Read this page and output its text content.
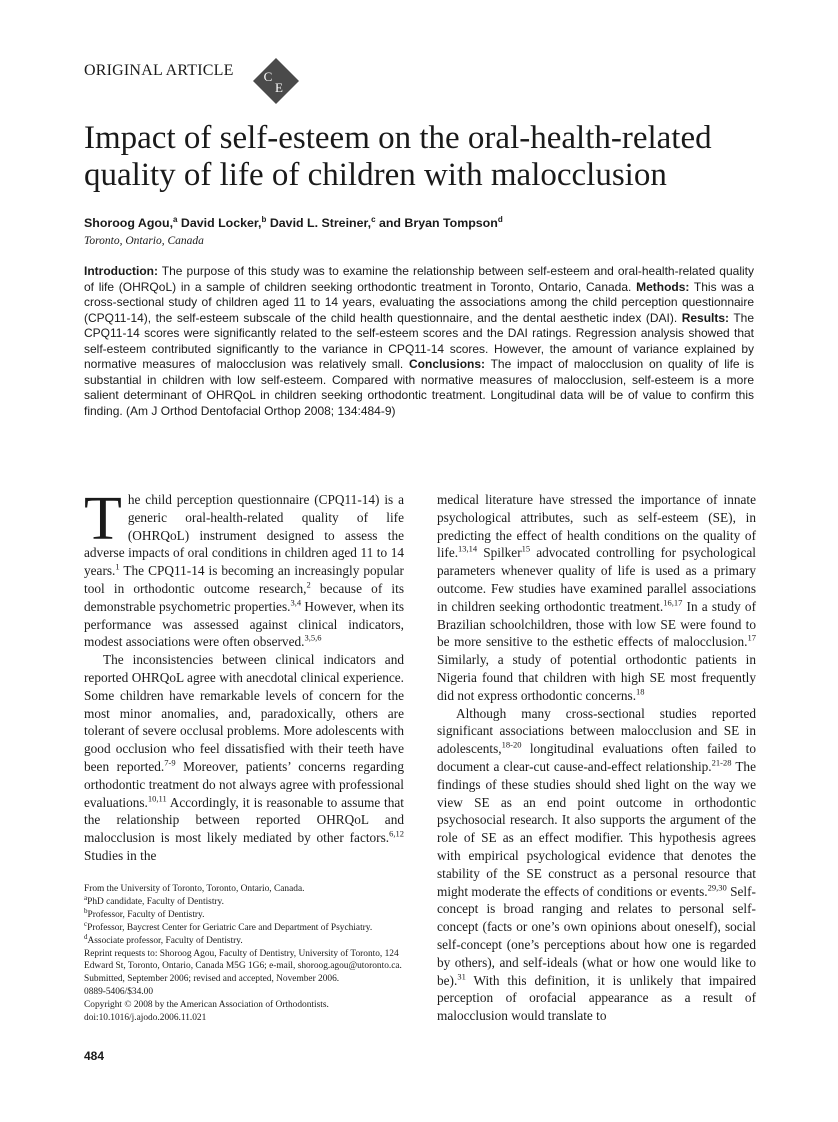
ORIGINAL ARTICLE C
E
Impact of self-esteem on the oral-health-related quality of life of children with malocclusion
Shoroog Agou,$^a$ David Locker,$^b$ David L. Streiner,$^c$ and Bryan Tompson$^d$
Toronto, Ontario, Canada

Introduction: The purpose of this study was to examine the relationship between self-esteem and oral-health-related quality of life (OHRQoL) in a sample of children seeking orthodontic treatment in Toronto, Ontario, Canada. Methods: This was a cross-sectional study of children aged 11 to 14 years, evaluating the associations among the child perception questionnaire (CPQ11-14), the self-esteem subscale of the child health questionnaire, and the dental aesthetic index (DAI). Results: The CPQ11-14 scores were significantly related to the self-esteem scores and the DAI ratings. Regression analysis showed that self-esteem contributed significantly to the variance in CPQ11-14 scores. However, the amount of variance explained by normative measures of malocclusion was relatively small. Conclusions: The impact of malocclusion on quality of life is substantial in children with low self-esteem. Compared with normative measures of malocclusion, self-esteem is a more salient determinant of OHRQoL in children seeking orthodontic treatment. Longitudinal data will be of value to confirm this finding. (Am J Orthod Dentofacial Orthop 2008; 134:484-9)

The child perception questionnaire (CPQ11-14) is a generic oral-health-related quality of life (OHRQoL) instrument designed to assess the adverse impacts of oral conditions in children aged 11 to 14 years.$^1$ The CPQ11-14 is becoming an increasingly popular tool in orthodontic outcome research,$^2$ because of its demonstrable psychometric properties.$^{3,4}$ However, when its performance was assessed against clinical indicators, modest associations were often observed.$^{3,5,6}$

The inconsistencies between clinical indicators and reported OHRQoL agree with anecdotal clinical experience. Some children have remarkable levels of concern for the most minor anomalies, and, paradoxically, others are tolerant of severe occlusal problems. More adolescents with good occlusion who feel dissatisfied with their teeth have been reported.$^{7-9}$ Moreover, patients’ concerns regarding orthodontic treatment do not always agree with professional evaluations.$^{10,11}$ Accordingly, it is reasonable to assume that the relationship between reported OHRQoL and malocclusion is most likely mediated by other factors.$^{6,12}$ Studies in the

medical literature have stressed the importance of innate psychological attributes, such as self-esteem (SE), in predicting the effect of health conditions on the quality of life.$^{13,14}$ Spilker$^{15}$ advocated controlling for psychological parameters whenever quality of life is used as a primary outcome. Few studies have examined parallel associations in children seeking orthodontic treatment.$^{16,17}$ In a study of Brazilian schoolchildren, those with low SE were found to be more sensitive to the esthetic effects of malocclusion.$^{17}$ Similarly, a study of potential orthodontic patients in Nigeria found that children with high SE most frequently did not express orthodontic concerns.$^{18}$

Although many cross-sectional studies reported significant associations between malocclusion and SE in adolescents,$^{18-20}$ longitudinal evaluations often failed to document a clear-cut cause-and-effect relationship.$^{21-28}$ The findings of these studies should shed light on the way we view SE as an end point outcome in orthodontic psychosocial research. It also supports the argument of the role of SE as an effect modifier. This hypothesis agrees with empirical psychological evidence that denotes the stability of the SE construct as a personal resource that might moderate the effects of conditions or events.$^{29,30}$ Self-concept is broad ranging and relates to personal self-concept (facts or one’s own opinions about oneself), social self-concept (one’s perceptions about how one is regarded by others), and self-ideals (what or how one would like to be).$^{31}$ With this definition, it is unlikely that impaired perception of orofacial appearance as a result of malocclusion would translate to

From the University of Toronto, Toronto, Ontario, Canada.
$^a$PhD candidate, Faculty of Dentistry.
$^b$Professor, Faculty of Dentistry.
$^c$Professor, Baycrest Center for Geriatric Care and Department of Psychiatry.
$^d$Associate professor, Faculty of Dentistry.
Reprint requests to: Shoroog Agou, Faculty of Dentistry, University of Toronto, 124 Edward St, Toronto, Ontario, Canada M5G 1G6; e-mail, shoroog.agou@utoronto.ca.
Submitted, September 2006; revised and accepted, November 2006.
0889-5406/$34.00
Copyright © 2008 by the American Association of Orthodontists.
doi:10.1016/j.ajodo.2006.11.021
484
